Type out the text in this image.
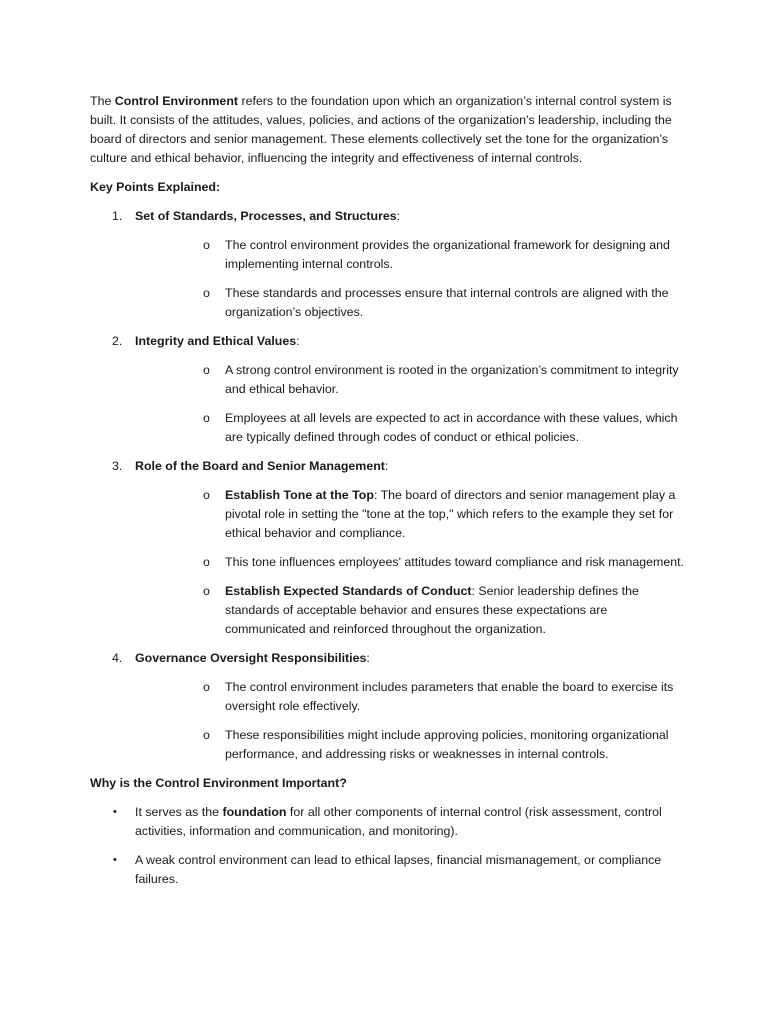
The Control Environment refers to the foundation upon which an organization’s internal control system is built. It consists of the attitudes, values, policies, and actions of the organization’s leadership, including the board of directors and senior management. These elements collectively set the tone for the organization’s culture and ethical behavior, influencing the integrity and effectiveness of internal controls.

Key Points Explained:

1. Set of Standards, Processes, and Structures:

o The control environment provides the organizational framework for designing and implementing internal controls.

o These standards and processes ensure that internal controls are aligned with the organization’s objectives.

2. Integrity and Ethical Values:

o A strong control environment is rooted in the organization’s commitment to integrity and ethical behavior.

o Employees at all levels are expected to act in accordance with these values, which are typically defined through codes of conduct or ethical policies.

3. Role of the Board and Senior Management:

o Establish Tone at the Top: The board of directors and senior management play a pivotal role in setting the "tone at the top," which refers to the example they set for ethical behavior and compliance.

o This tone influences employees' attitudes toward compliance and risk management.

o Establish Expected Standards of Conduct: Senior leadership defines the standards of acceptable behavior and ensures these expectations are communicated and reinforced throughout the organization.

4. Governance Oversight Responsibilities:

o The control environment includes parameters that enable the board to exercise its oversight role effectively.

o These responsibilities might include approving policies, monitoring organizational performance, and addressing risks or weaknesses in internal controls.

Why is the Control Environment Important?

• It serves as the foundation for all other components of internal control (risk assessment, control activities, information and communication, and monitoring).

• A weak control environment can lead to ethical lapses, financial mismanagement, or compliance failures.
